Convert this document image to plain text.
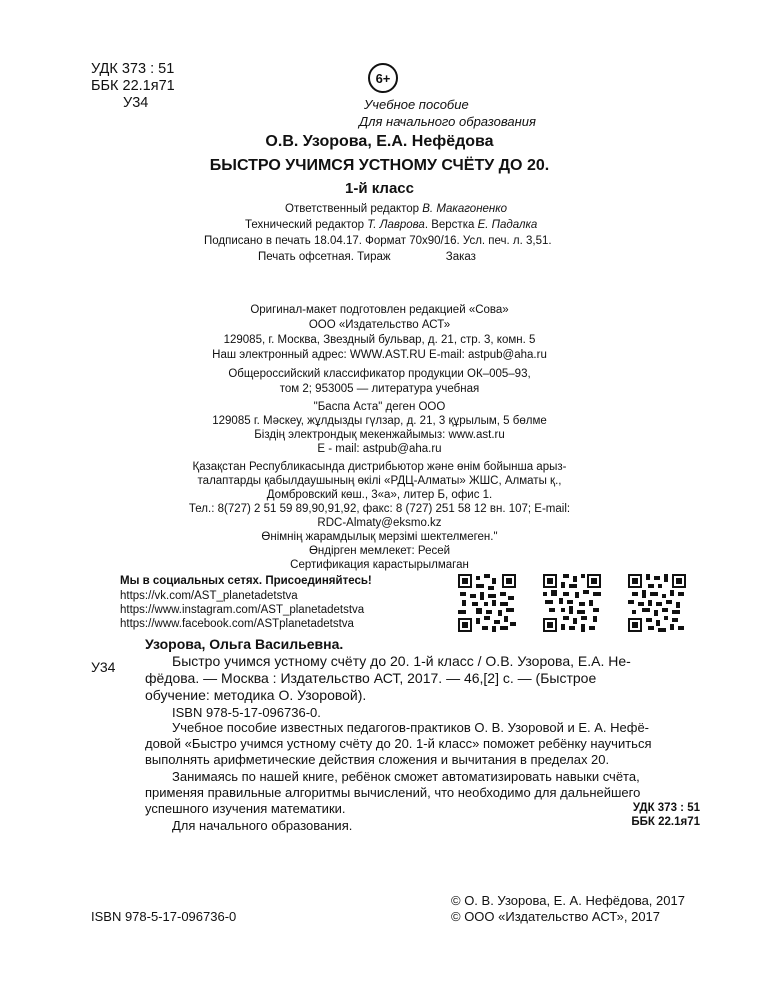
УДК 373 : 51
ББК 22.1я71
У34
6+
Учебное пособие
Для начального образования
О.В. Узорова, Е.А. Нефёдова
БЫСТРО УЧИМСЯ УСТНОМУ СЧЁТУ ДО 20.
1-й класс
Ответственный редактор В. Макагоненко
Технический редактор Т. Лаврова. Верстка Е. Падалка
Подписано в печать 18.04.17. Формат 70х90/16. Усл. печ. л. 3,51.
Печать офсетная. Тираж	Заказ
Оригинал-макет подготовлен редакцией «Сова»
ООО «Издательство АСТ»
129085, г. Москва, Звездный бульвар, д. 21, стр. 3, комн. 5
Наш электронный адрес: WWW.AST.RU E-mail: astpub@aha.ru
Общероссийский классификатор продукции ОК–005–93,
том 2; 953005 — литература учебная
"Баспа Аста" деген ООО
129085 г. Мәскеу, жұлдызды гүлзар, д. 21, 3 құрылым, 5 бөлме
Біздің электрондық мекенжайымыз: www.ast.ru
E - mail: astpub@aha.ru
Қазақстан Республикасында дистрибьютор және өнім бойынша арыз-
талаптарды қабылдаушының өкілі «РДЦ-Алматы» ЖШС, Алматы қ.,
Домбровский көш., 3«а», литер Б, офис 1.
Тел.: 8(727) 2 51 59 89,90,91,92, факс: 8 (727) 251 58 12 вн. 107; E-mail:
RDC-Almaty@eksmo.kz
Өнімнің жарамдылық мерзімі шектелмеген."
Өндірген мемлекет: Ресей
Сертификация карастырылмаган
Мы в социальных сетях. Присоединяйтесь!
https://vk.com/AST_planetadetstva
https://www.instagram.com/AST_planetadetstva
https://www.facebook.com/ASTplanetadetstva
Узорова, Ольга Васильевна.
У34	Быстро учимся устному счёту до 20. 1-й класс / О.В. Узорова, Е.А. Не-
фёдова. — Москва : Издательство АСТ, 2017. — 46,[2] с. — (Быстрое
обучение: методика О. Узоровой).
ISBN 978-5-17-096736-0.
Учебное пособие известных педагогов-практиков О. В. Узоровой и Е. А. Нефё-
довой «Быстро учимся устному счёту до 20. 1-й класс» поможет ребёнку научиться
выполнять арифметические действия сложения и вычитания в пределах 20.
Занимаясь по нашей книге, ребёнок сможет автоматизировать навыки счёта,
применяя правильные алгоритмы вычислений, что необходимо для дальнейшего
успешного изучения математики.
Для начального образования.
УДК 373 : 51
ББК 22.1я71
ISBN 978-5-17-096736-0
© О. В. Узорова, Е. А. Нефёдова, 2017
© ООО «Издательство АСТ», 2017
